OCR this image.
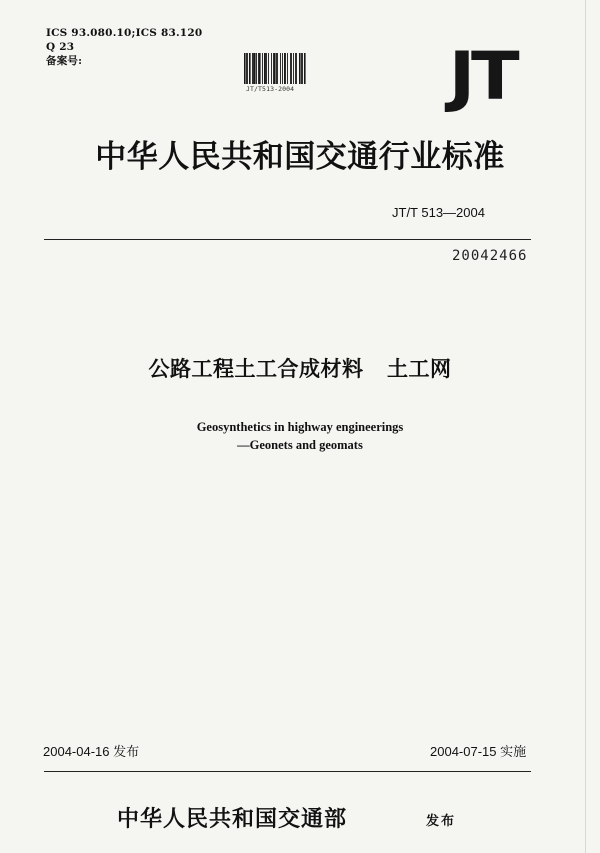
ICS 93.080.10;ICS 83.120
Q 23
备案号:
JT/T513-2004	JT
中华人民共和国交通行业标准
JT/T 513—2004
20042466
公路工程土工合成材料   土工网
Geosynthetics in highway engineerings
—Geonets and geomats
2004-04-16 发布	2004-07-15 实施
中华人民共和国交通部	发布
